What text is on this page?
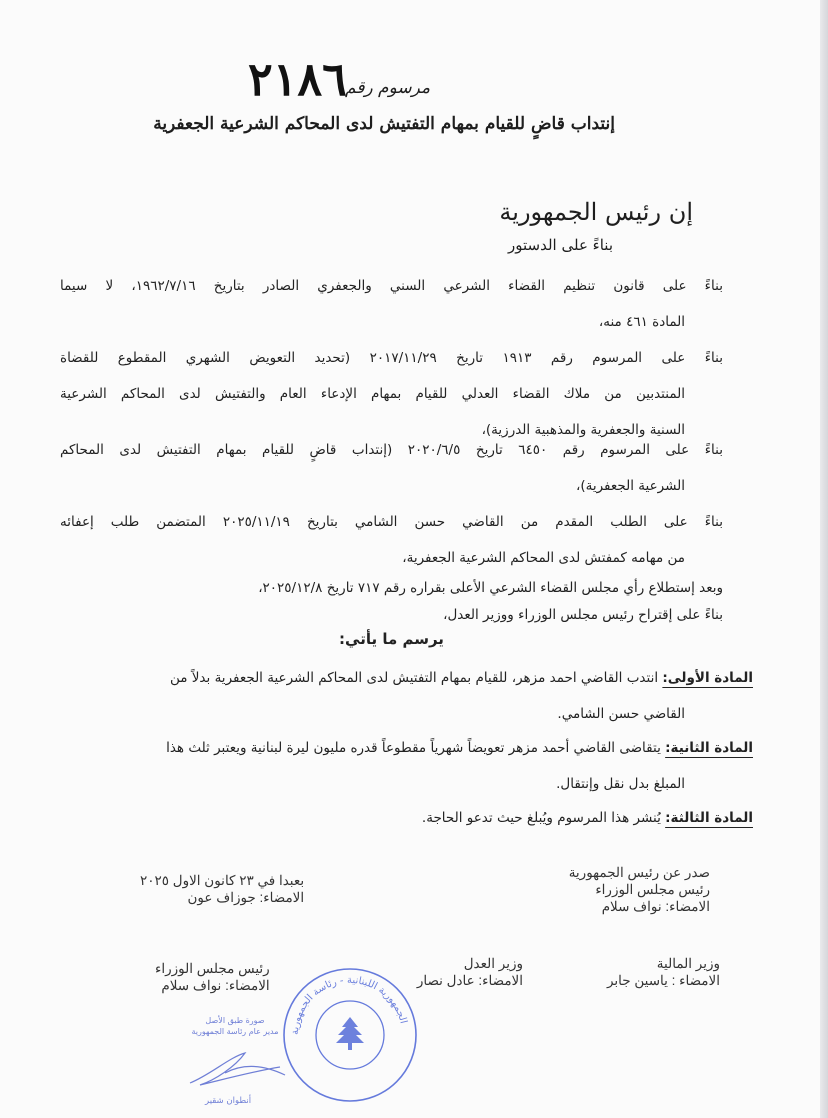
٢١٨٦
مرسوم رقم
إنتداب قاضٍ للقيام بمهام التفتيش لدى المحاكم الشرعية الجعفرية
إن رئيس الجمهورية
بناءً على الدستور
بناءً على قانون تنظيم القضاء الشرعي السني والجعفري الصادر بتاريخ ١٩٦٢/٧/١٦، لا سيما
المادة ٤٦١ منه،
بناءً على المرسوم رقم ١٩١٣ تاريخ ٢٠١٧/١١/٢٩ (تحديد التعويض الشهري المقطوع للقضاة
المنتدبين من ملاك القضاء العدلي للقيام بمهام الإدعاء العام والتفتيش لدى المحاكم الشرعية
السنية والجعفرية والمذهبية الدرزية)،
بناءً على المرسوم رقم ٦٤٥٠ تاريخ ٢٠٢٠/٦/٥ (إنتداب قاضٍ للقيام بمهام التفتيش لدى المحاكم
الشرعية الجعفرية)،
بناءً على الطلب المقدم من القاضي حسن الشامي بتاريخ ٢٠٢٥/١١/١٩ المتضمن طلب إعفائه
من مهامه كمفتش لدى المحاكم الشرعية الجعفرية،
وبعد إستطلاع رأي مجلس القضاء الشرعي الأعلى بقراره رقم ٧١٧ تاريخ ٢٠٢٥/١٢/٨،
بناءً على إقتراح رئيس مجلس الوزراء ووزير العدل،
يرسم ما يأتي:
المادة الأولى: انتدب القاضي احمد مزهر، للقيام بمهام التفتيش لدى المحاكم الشرعية الجعفرية بدلاً من
القاضي حسن الشامي.
المادة الثانية: يتقاضى القاضي أحمد مزهر تعويضاً شهرياً مقطوعاً قدره مليون ليرة لبنانية ويعتبر ثلث هذا
المبلغ بدل نقل وإنتقال.
المادة الثالثة: يُنشر هذا المرسوم ويُبلغ حيث تدعو الحاجة.
بعبدا في ٢٣ كانون الاول ٢٠٢٥
الامضاء: جوزاف عون
صدر عن رئيس الجمهورية
رئيس مجلس الوزراء
الامضاء: نواف سلام
وزير المالية
الامضاء : ياسين جابر
وزير العدل
الامضاء: عادل نصار
رئيس مجلس الوزراء
الامضاء: نواف سلام
الجمهورية اللبنانية - رئاسة الجمهورية
صورة طبق الأصل
مدير عام رئاسة الجمهورية
أنطوان شقير
